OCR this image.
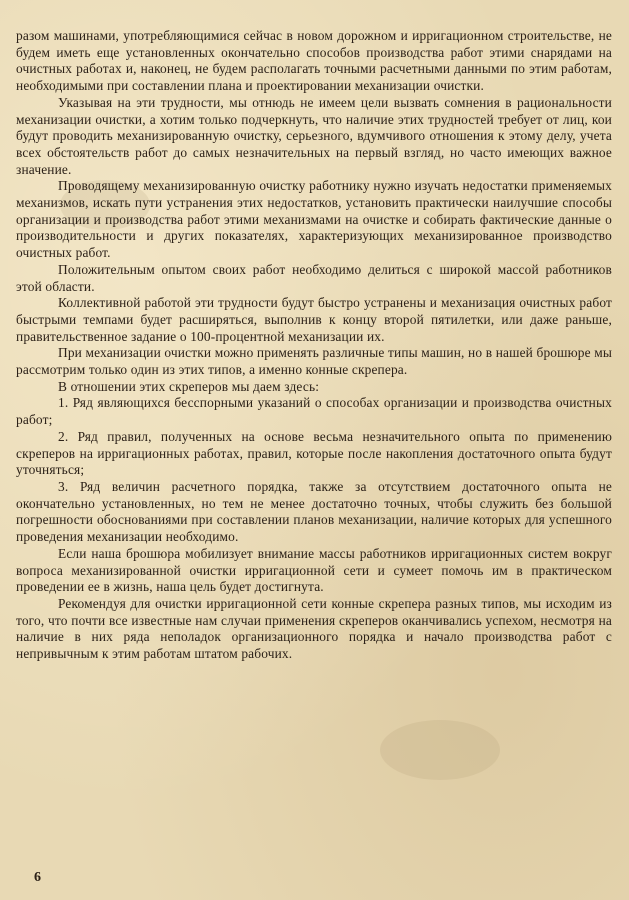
разом машинами, употребляющимися сейчас в новом дорожном и ирригационном строительстве, не будем иметь еще установленных окончательно способов производства работ этими снарядами на очистных работах и, наконец, не будем располагать точными расчетными данными по этим работам, необходимыми при составлении плана и проектировании механизации очистки.

Указывая на эти трудности, мы отнюдь не имеем цели вызвать сомнения в рациональности механизации очистки, а хотим только подчеркнуть, что наличие этих трудностей требует от лиц, кои будут проводить механизированную очистку, серьезного, вдумчивого отношения к этому делу, учета всех обстоятельств работ до самых незначительных на первый взгляд, но часто имеющих важное значение.

Проводящему механизированную очистку работнику нужно изучать недостатки применяемых механизмов, искать пути устранения этих недостатков, установить практически наилучшие способы организации и производства работ этими механизмами на очистке и собирать фактические данные о производительности и других показателях, характеризующих механизированное производство очистных работ.

Положительным опытом своих работ необходимо делиться с широкой массой работников этой области.

Коллективной работой эти трудности будут быстро устранены и механизация очистных работ быстрыми темпами будет расширяться, выполнив к концу второй пятилетки, или даже раньше, правительственное задание о 100-процентной механизации их.

При механизации очистки можно применять различные типы машин, но в нашей брошюре мы рассмотрим только один из этих типов, а именно конные скрепера.

В отношении этих скреперов мы даем здесь:

1. Ряд являющихся бесспорными указаний о способах организации и производства очистных работ;

2. Ряд правил, полученных на основе весьма незначительного опыта по применению скреперов на ирригационных работах, правил, которые после накопления достаточного опыта будут уточняться;

3. Ряд величин расчетного порядка, также за отсутствием достаточного опыта не окончательно установленных, но тем не менее достаточно точных, чтобы служить без большой погрешности обоснованиями при составлении планов механизации, наличие которых для успешного проведения механизации необходимо.

Если наша брошюра мобилизует внимание массы работников ирригационных систем вокруг вопроса механизированной очистки ирригационной сети и сумеет помочь им в практическом проведении ее в жизнь, наша цель будет достигнута.

Рекомендуя для очистки ирригационной сети конные скрепера разных типов, мы исходим из того, что почти все известные нам случаи применения скреперов оканчивались успехом, несмотря на наличие в них ряда неполадок организационного порядка и начало производства работ с непривычным к этим работам штатом рабочих.

6
